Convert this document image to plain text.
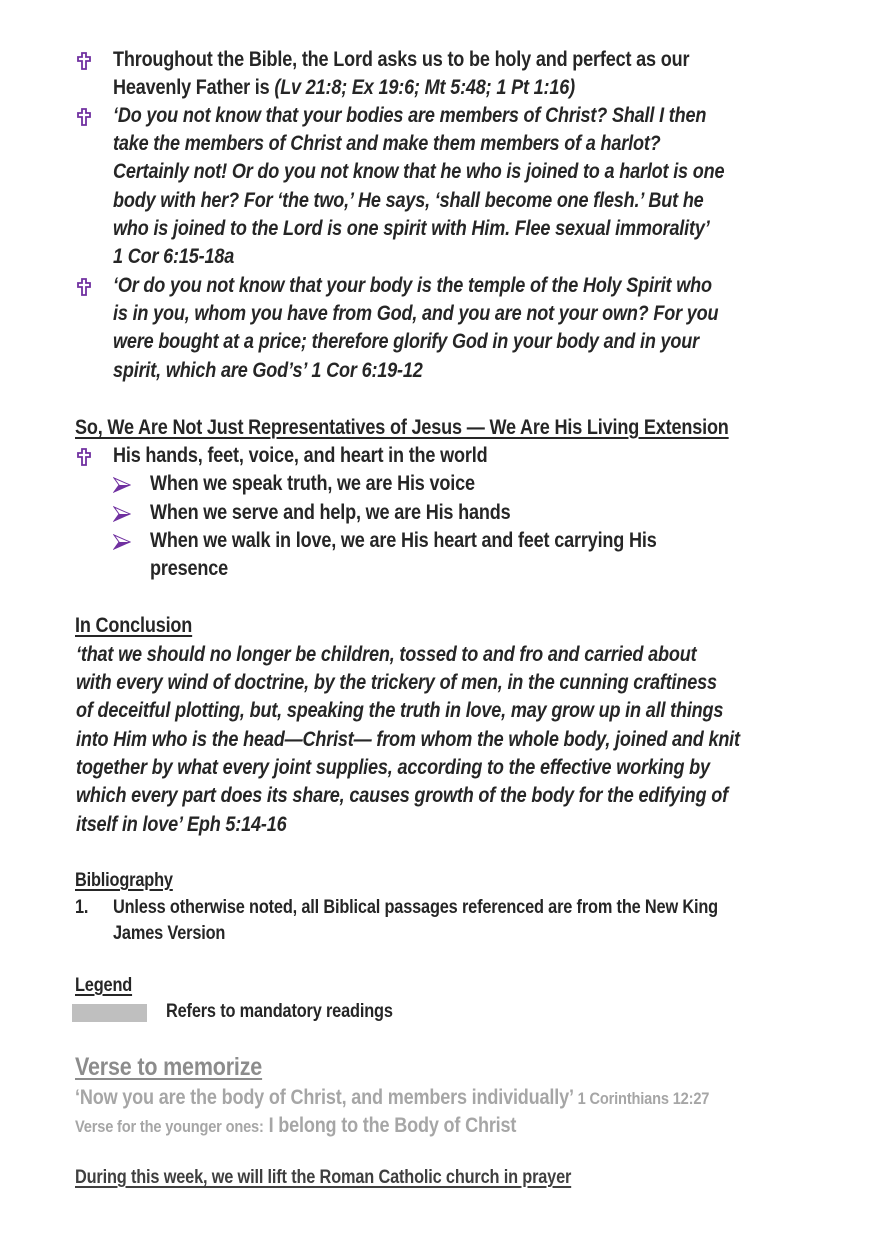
Throughout the Bible, the Lord asks us to be holy and perfect as our
Heavenly Father is (Lv 21:8; Ex 19:6; Mt 5:48; 1 Pt 1:16)
‘Do you not know that your bodies are members of Christ? Shall I then
take the members of Christ and make them members of a harlot?
Certainly not! Or do you not know that he who is joined to a harlot is one
body with her? For ‘the two,’ He says, ‘shall become one flesh.’ But he
who is joined to the Lord is one spirit with Him. Flee sexual immorality’
1 Cor 6:15-18a
‘Or do you not know that your body is the temple of the Holy Spirit who
is in you, whom you have from God, and you are not your own? For you
were bought at a price; therefore glorify God in your body and in your
spirit, which are God’s’ 1 Cor 6:19-12
So, We Are Not Just Representatives of Jesus — We Are His Living Extension
His hands, feet, voice, and heart in the world
When we speak truth, we are His voice
When we serve and help, we are His hands
When we walk in love, we are His heart and feet carrying His
presence
In Conclusion
‘that we should no longer be children, tossed to and fro and carried about
with every wind of doctrine, by the trickery of men, in the cunning craftiness
of deceitful plotting, but, speaking the truth in love, may grow up in all things
into Him who is the head—Christ— from whom the whole body, joined and knit
together by what every joint supplies, according to the effective working by
which every part does its share, causes growth of the body for the edifying of
itself in love’ Eph 5:14-16
Bibliography
1. Unless otherwise noted, all Biblical passages referenced are from the New King
James Version
Legend
Refers to mandatory readings
Verse to memorize
‘Now you are the body of Christ, and members individually’ 1 Corinthians 12:27
Verse for the younger ones: I belong to the Body of Christ
During this week, we will lift the Roman Catholic church in prayer
